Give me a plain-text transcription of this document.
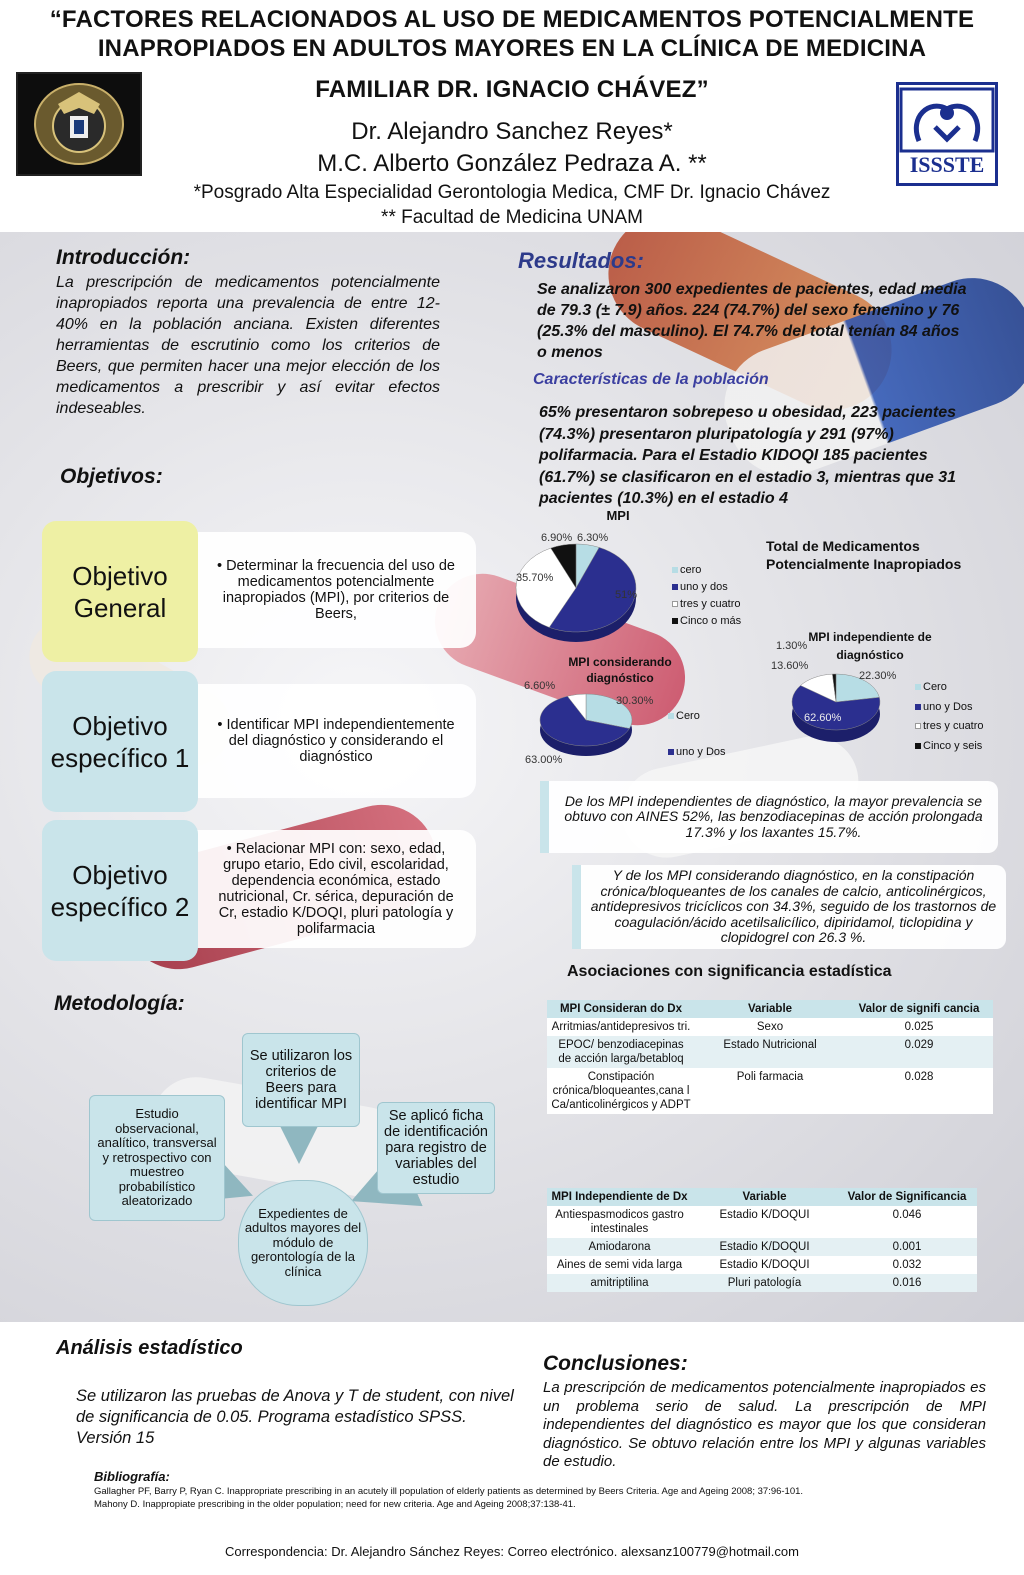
“FACTORES RELACIONADOS AL USO DE MEDICAMENTOS POTENCIALMENTE
INAPROPIADOS EN ADULTOS MAYORES EN LA CLÍNICA DE MEDICINA
FAMILIAR DR. IGNACIO CHÁVEZ”
ISSSTE
Dr. Alejandro Sanchez Reyes*
M.C. Alberto González Pedraza A. **
*Posgrado Alta Especialidad Gerontologia Medica, CMF Dr. Ignacio Chávez
** Facultad de Medicina UNAM
Introducción:
La prescripción de medicamentos potencialmente inapropiados reporta una prevalencia de entre 12-40% en la población anciana. Existen diferentes herramientas de escrutinio como los criterios de Beers, que permiten hacer una mejor elección de los medicamentos a prescribir y así evitar efectos indeseables.
Objetivos:
• Determinar la frecuencia del uso de medicamentos potencialmente inapropiados (MPI), por criterios de Beers,
Objetivo General
• Identificar MPI independientemente del diagnóstico y considerando el diagnóstico
Objetivo específico 1
• Relacionar MPI con: sexo, edad, grupo etario, Edo civil, escolaridad, dependencia económica, estado nutricional, Cr. sérica, depuración de Cr, estadio K/DOQI, pluri patología y polifarmacia
Objetivo específico 2
Metodología:
Estudio observacional, analítico, transversal y retrospectivo con muestreo probabilístico aleatorizado
Se utilizaron los criterios de Beers para identificar MPI
Se aplicó ficha de identificación para registro de variables del estudio
Expedientes de adultos mayores del módulo de gerontología de la clínica
Resultados:
Se analizaron 300 expedientes de pacientes, edad media de 79.3 (± 7.9) años. 224 (74.7%) del sexo femenino y 76 (25.3% del masculino). El 74.7% del total tenían 84 años o menos
Características de la población
65% presentaron sobrepeso u obesidad, 223 pacientes (74.3%) presentaron pluripatología y 291 (97%) polifarmacia. Para el Estadio KIDOQI 185 pacientes (61.7%) se clasificaron en el estadio 3, mientras que 31 pacientes (10.3%) en el estadio 4
MPI
Total de Medicamentos Potencialmente Inapropiados
6.90% 6.30%
35.70%
51%
cero
uno y dos
tres y cuatro
Cinco o más
MPI considerando diagnóstico
6.60%
30.30%
63.00%
Cero
uno y Dos
MPI independiente de diagnóstico
1.30%
13.60%
22.30%
62.60%
Cero
uno y Dos
tres y cuatro
Cinco y seis
De los MPI independientes de diagnóstico, la mayor prevalencia se obtuvo con AINES 52%, las benzodiacepinas de acción prolongada 17.3% y los laxantes 15.7%.
Y de los MPI considerando diagnóstico, en la constipación crónica/bloqueantes de los canales de calcio, anticolinérgicos, antidepresivos tricíclicos con 34.3%, seguido de los trastornos de coagulación/ácido acetilsalicílico, dipiridamol, ticlopidina y clopidogrel con 26.3 %.
Asociaciones con significancia estadística
MPI Consideran do Dx	Variable	Valor de signifi cancia
Arritmias/antidepresivos tri.	Sexo	0.025
EPOC/ benzodiacepinas de acción larga/betabloq	Estado Nutricional	0.029
Constipación crónica/bloqueantes,cana l Ca/anticolinérgicos y ADPT	Poli farmacia	0.028
MPI Independiente de Dx	Variable	Valor de Significancia
Antiespasmodicos gastro intestinales	Estadio K/DOQUI	0.046
Amiodarona	Estadio K/DOQUI	0.001
Aines de semi vida larga	Estadio K/DOQUI	0.032
amitriptilina	Pluri patología	0.016
Análisis estadístico
Se utilizaron las pruebas de Anova y T de student, con nivel de significancia de 0.05. Programa estadístico SPSS. Versión 15
Conclusiones:
La prescripción de medicamentos potencialmente inapropiados es un problema serio de salud. La prescripción de MPI independientes del diagnóstico es mayor que los que consideran diagnóstico. Se obtuvo relación entre los MPI y algunas variables de estudio.
Bibliografía:
Gallagher PF, Barry P, Ryan C. Inappropriate prescribing in an acutely ill population of elderly patients as determined by Beers Criteria. Age and Ageing 2008; 37:96-101.
Mahony D. Inappropiate prescribing in the older population; need for new criteria. Age and Ageing 2008;37:138-41.
Correspondencia: Dr. Alejandro Sánchez Reyes: Correo electrónico. alexsanz100779@hotmail.com
